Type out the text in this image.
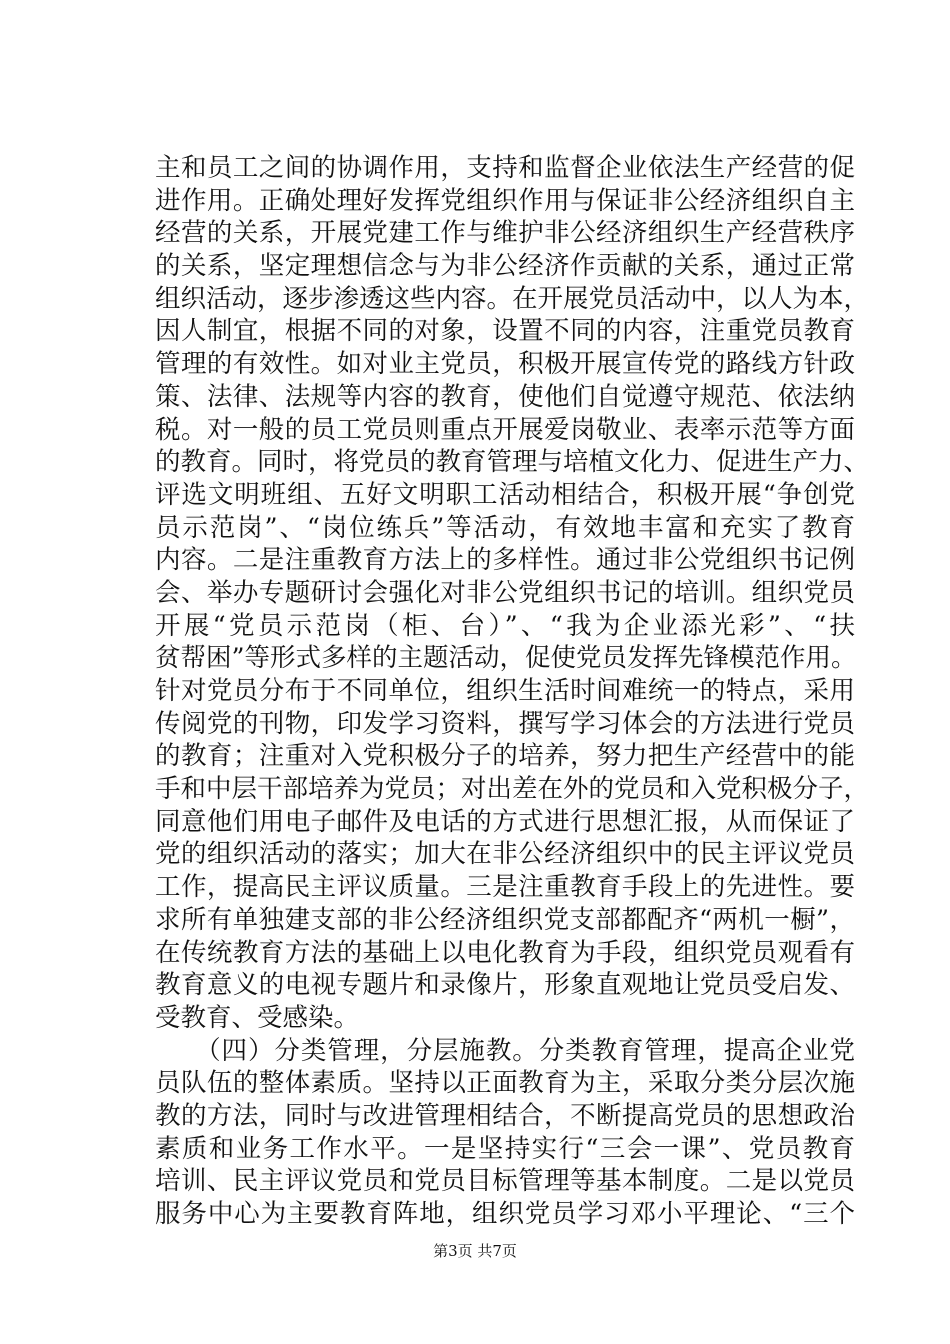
主和员工之间的协调作用，支持和监督企业依法生产经营的促
进作用。正确处理好发挥党组织作用与保证非公经济组织自主
经营的关系，开展党建工作与维护非公经济组织生产经营秩序
的关系，坚定理想信念与为非公经济作贡献的关系，通过正常
组织活动，逐步渗透这些内容。在开展党员活动中，以人为本，
因人制宜，根据不同的对象，设置不同的内容，注重党员教育
管理的有效性。如对业主党员，积极开展宣传党的路线方针政
策、法律、法规等内容的教育，使他们自觉遵守规范、依法纳
税。对一般的员工党员则重点开展爱岗敬业、表率示范等方面
的教育。同时，将党员的教育管理与培植文化力、促进生产力、
评选文明班组、五好文明职工活动相结合，积极开展“争创党
员示范岗”、“岗位练兵”等活动，有效地丰富和充实了教育
内容。二是注重教育方法上的多样性。通过非公党组织书记例
会、举办专题研讨会强化对非公党组织书记的培训。组织党员
开展“党员示范岗（柜、台）”、“我为企业添光彩”、“扶
贫帮困”等形式多样的主题活动，促使党员发挥先锋模范作用。
针对党员分布于不同单位，组织生活时间难统一的特点，采用
传阅党的刊物，印发学习资料，撰写学习体会的方法进行党员
的教育；注重对入党积极分子的培养，努力把生产经营中的能
手和中层干部培养为党员；对出差在外的党员和入党积极分子，
同意他们用电子邮件及电话的方式进行思想汇报，从而保证了
党的组织活动的落实；加大在非公经济组织中的民主评议党员
工作，提高民主评议质量。三是注重教育手段上的先进性。要
求所有单独建支部的非公经济组织党支部都配齐“两机一橱”，
在传统教育方法的基础上以电化教育为手段，组织党员观看有
教育意义的电视专题片和录像片，形象直观地让党员受启发、
受教育、受感染。
　　（四）分类管理，分层施教。分类教育管理，提高企业党
员队伍的整体素质。坚持以正面教育为主，采取分类分层次施
教的方法，同时与改进管理相结合，不断提高党员的思想政治
素质和业务工作水平。一是坚持实行“三会一课”、党员教育
培训、民主评议党员和党员目标管理等基本制度。二是以党员
服务中心为主要教育阵地，组织党员学习邓小平理论、“三个
第3页 共7页
